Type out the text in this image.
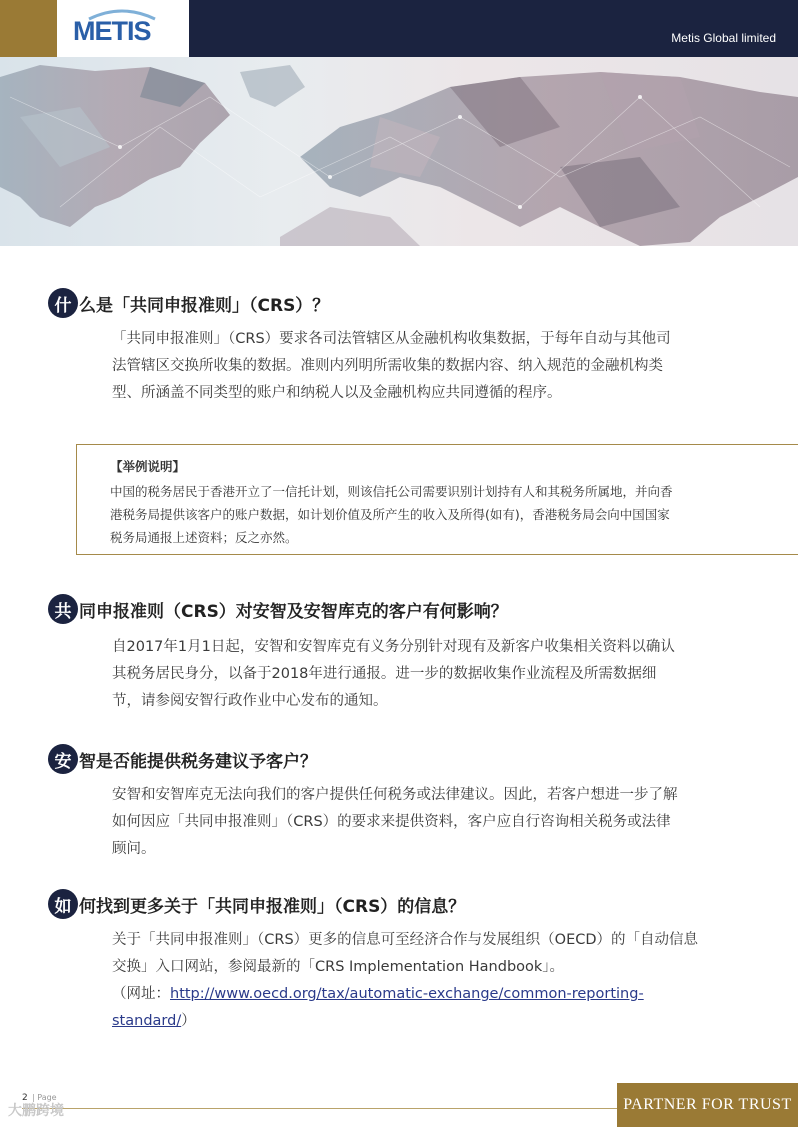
METIS	Metis Global limited
什 么是「共同申报准则」（CRS）？

「共同申报准则」（CRS）要求各司法管辖区从金融机构收集数据，于每年自动与其他司法管辖区交换所收集的数据。准则内列明所需收集的数据内容、纳入规范的金融机构类型、所涵盖不同类型的账户和纳税人以及金融机构应共同遵循的程序。

【举例说明】

中国的税务居民于香港开立了一信托计划，则该信托公司需要识别计划持有人和其税务所属地，并向香港税务局提供该客户的账户数据，如计划价值及所产生的收入及所得(如有)，香港税务局会向中国国家税务局通报上述资料；反之亦然。

共 同申报准则（CRS）对安智及安智库克的客户有何影响？

自2017年1月1日起，安智和安智库克有义务分别针对现有及新客户收集相关资料以确认其税务居民身分，以备于2018年进行通报。进一步的数据收集作业流程及所需数据细节，请参阅安智行政作业中心发布的通知。

安 智是否能提供税务建议予客户？

安智和安智库克无法向我们的客户提供任何税务或法律建议。因此，若客户想进一步了解如何因应「共同申报准则」（CRS）的要求来提供资料，客户应自行咨询相关税务或法律顾问。

如 何找到更多关于「共同申报准则」（CRS）的信息？
关于「共同申报准则」（CRS）更多的信息可至经济合作与发展组织（OECD）的「自动信息交换」入口网站，参阅最新的「CRS Implementation Handbook」。
（网址：http://www.oecd.org/tax/automatic-exchange/common-reporting-standard/）
2 | Page
大鹏跨境	PARTNER FOR TRUST
